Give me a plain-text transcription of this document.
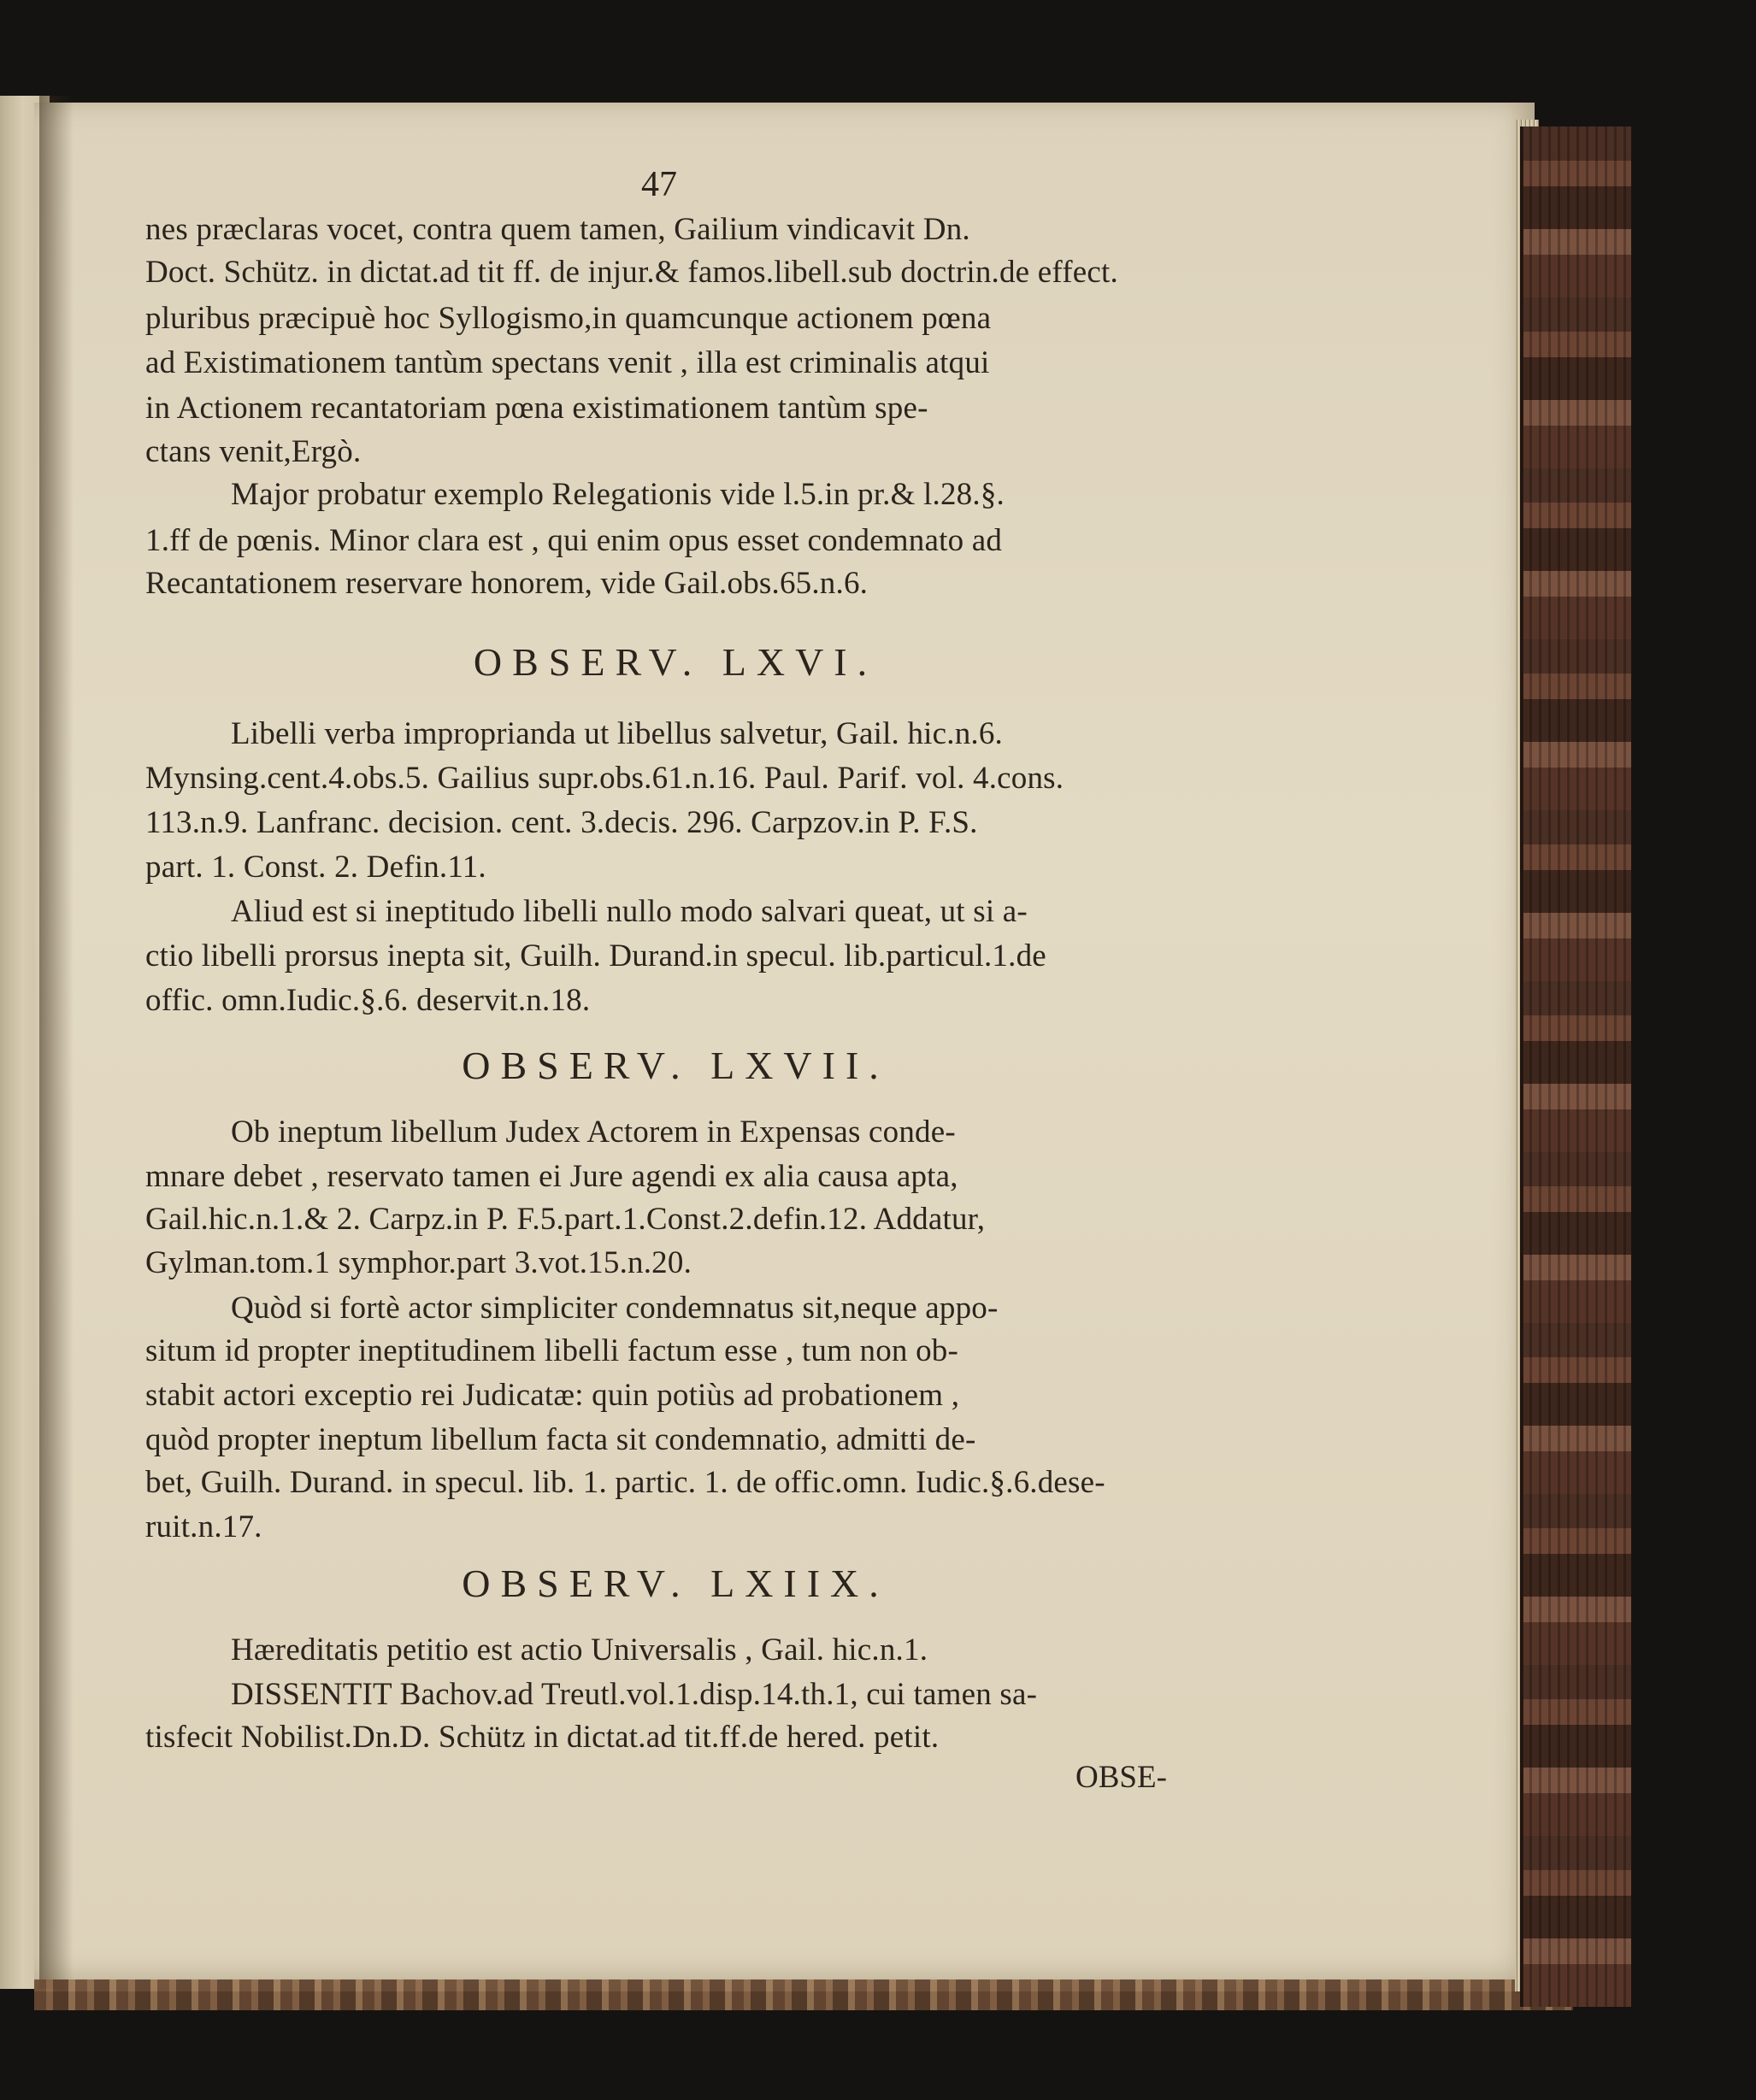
47
nes præclaras vocet, contra quem tamen, Gailium vindicavit Dn.
Doct. Schütz. in dictat.ad tit ff. de injur.& famos.libell.sub doctrin.de effect.
pluribus præcipuè hoc Syllogismo,in quamcunque actionem pœna
ad Existimationem tantùm spectans venit , illa est criminalis atqui
in Actionem recantatoriam pœna existimationem tantùm spe-
ctans venit,Ergò.
Major probatur exemplo Relegationis vide l.5.in pr.& l.28.§.
1.ff de pœnis. Minor clara est , qui enim opus esset condemnato ad
Recantationem reservare honorem, vide Gail.obs.65.n.6.
OBSERV. LXVI.
Libelli verba improprianda ut libellus salvetur, Gail. hic.n.6.
Mynsing.cent.4.obs.5. Gailius supr.obs.61.n.16. Paul. Parif. vol. 4.cons.
113.n.9. Lanfranc. decision. cent. 3.decis. 296. Carpzov.in P. F.S.
part. 1. Const. 2. Defin.11.
Aliud est si ineptitudo libelli nullo modo salvari queat, ut si a-
ctio libelli prorsus inepta sit, Guilh. Durand.in specul. lib.particul.1.de
offic. omn.Iudic.§.6. deservit.n.18.
OBSERV. LXVII.
Ob ineptum libellum Judex Actorem in Expensas conde-
mnare debet , reservato tamen ei Jure agendi ex alia causa apta,
Gail.hic.n.1.& 2. Carpz.in P. F.5.part.1.Const.2.defin.12. Addatur,
Gylman.tom.1 symphor.part 3.vot.15.n.20.
Quòd si fortè actor simpliciter condemnatus sit,neque appo-
situm id propter ineptitudinem libelli factum esse , tum non ob-
stabit actori exceptio rei Judicatæ: quin potiùs ad probationem ,
quòd propter ineptum libellum facta sit condemnatio, admitti de-
bet, Guilh. Durand. in specul. lib. 1. partic. 1. de offic.omn. Iudic.§.6.dese-
ruit.n.17.
OBSERV. LXIIX.
Hæreditatis petitio est actio Universalis , Gail. hic.n.1.
DISSENTIT Bachov.ad Treutl.vol.1.disp.14.th.1, cui tamen sa-
tisfecit Nobilist.Dn.D. Schütz in dictat.ad tit.ff.de hered. petit.
OBSE-
